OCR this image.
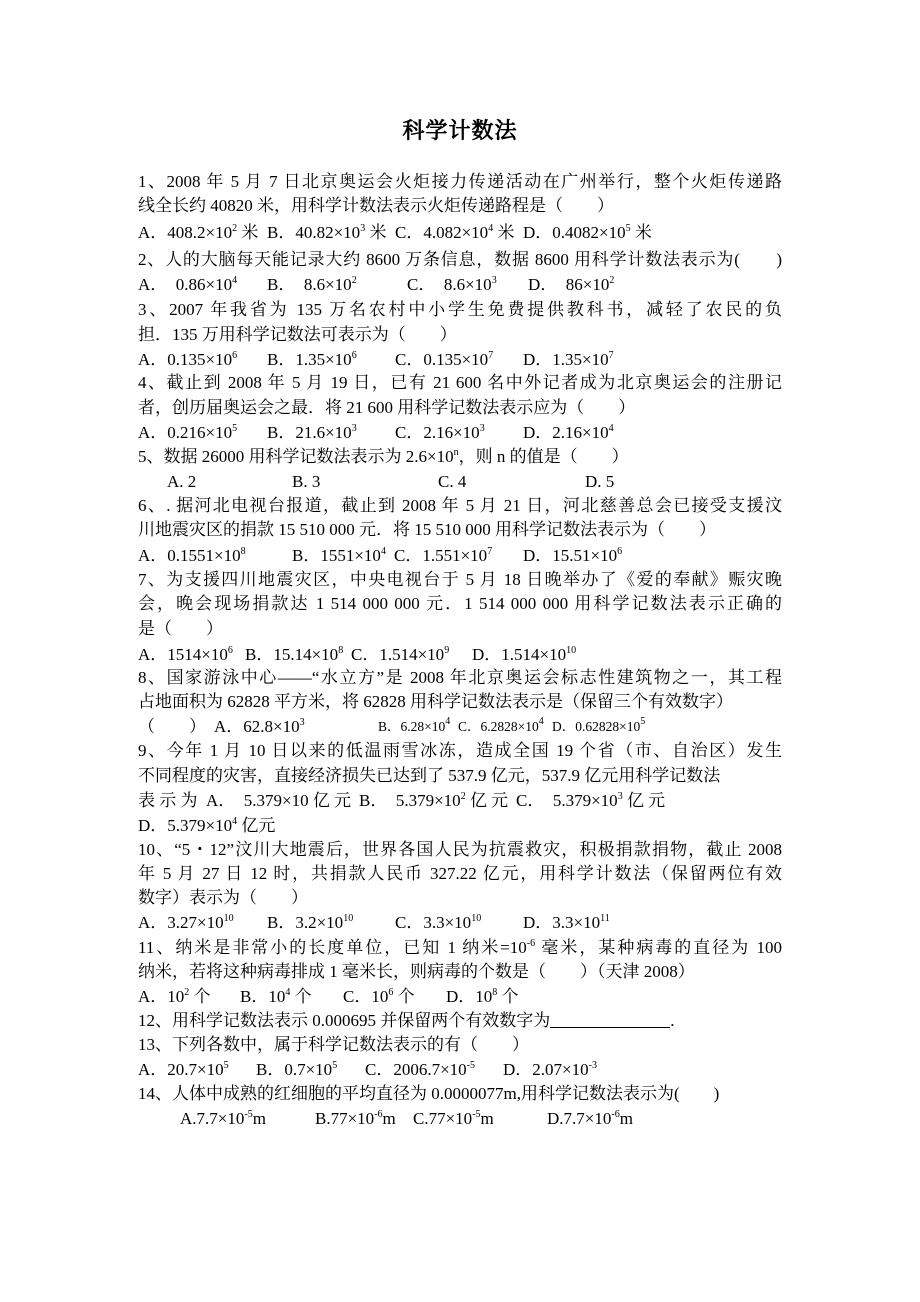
科学计数法
1、2008 年 5 月 7 日北京奥运会火炬接力传递活动在广州举行，整个火炬传递路
线全长约 40820 米，用科学计数法表示火炬传递路程是（　　）
A．$408.2\times 10^2$ 米 B．$40.82\times 10^3$ 米 C．$4.082\times 10^4$ 米 D．$0.4082\times 10^5$ 米
2、人的大脑每天能记录大约 8600 万条信息，数据 8600 用科学计数法表示为(　　)
A．　$0.86\times 10^4$ B．　$8.6\times 10^2$	C．　$8.6\times 10^3$ D．　$86\times 10^2$
3、2007 年我省为 135 万名农村中小学生免费提供教科书，减轻了农民的负
担．135 万用科学记数法可表示为（　　）
A．$0.135\times 10^6$ B．$1.35\times 10^6$ C．$0.135\times 10^7$ D．$1.35\times 10^7$
4、截止到 2008 年 5 月 19 日，已有 21 600 名中外记者成为北京奥运会的注册记
者，创历届奥运会之最．将 21 600 用科学记数法表示应为（　　）
A．$0.216\times 10^5$ B．$21.6\times 10^3$ C．$2.16\times 10^3$ D．$2.16\times 10^4$
5、数据 26000 用科学记数法表示为 $2.6\times 10^n$，则 n 的值是（　　）
A. 2	B. 3	C. 4	D. 5
6、. 据河北电视台报道，截止到 2008 年 5 月 21 日，河北慈善总会已接受支援汶
川地震灾区的捐款 15 510 000 元．将 15 510 000 用科学记数法表示为（　　）
A．$0.1551\times 10^8$	B．$1551\times 10^4$ C．$1.551\times 10^7$ D．$15.51\times 10^6$
7、为支援四川地震灾区，中央电视台于 5 月 18 日晚举办了《爱的奉献》赈灾晚
会，晚会现场捐款达 1 514 000 000 元．1 514 000 000 用科学记数法表示正确的
是（　　）
A．$1514\times 10^6$ B．$15.14\times 10^8$ C．$1.514\times 10^9$ D．$1.514\times 10^{10}$
8、国家游泳中心——“水立方”是 2008 年北京奥运会标志性建筑物之一，其工程
占地面积为 62828 平方米，将 62828 用科学记数法表示是（保留三个有效数字）
（　　） A．$62.8\times 10^3$	B．$6.28\times 10^4$ C．$6.2828\times 10^4$ D．$0.62828\times 10^5$
9、今年 1 月 10 日以来的低温雨雪冰冻，造成全国 19 个省（市、自治区）发生
不同程度的灾害，直接经济损失已达到了 537.9 亿元，537.9 亿元用科学记数法
表 示 为 A．　5.379×10 亿 元 B．　$5.379\times 10^2$ 亿 元 C．　$5.379\times 10^3$ 亿 元
D．$5.379\times 10^4$ 亿元
10、“5・12”汶川大地震后，世界各国人民为抗震救灾，积极捐款捐物，截止 2008
年 5 月 27 日 12 时，共捐款人民币 327.22 亿元，用科学计数法（保留两位有效
数字）表示为（　　）
A．$3.27\times 10^{10}$ B．$3.2\times 10^{10}$ C．$3.3\times 10^{10}$ D．$3.3\times 10^{11}$
11、纳米是非常小的长度单位，已知 1 纳米$=10^{-6}$ 毫米，某种病毒的直径为 100
纳米，若将这种病毒排成 1 毫米长，则病毒的个数是（　　）（天津 2008）
A．$10^2$ 个 B．$10^4$ 个 C．$10^6$ 个 D．$10^8$ 个
12、用科学记数法表示 0.000695 并保留两个有效数字为	.
13、下列各数中，属于科学记数法表示的有（　　）
A．$20.7\times 10^5$ B．$0.7\times 10^5$ C．$2006.7\times 10^{-5}$ D．$2.07\times 10^{-3}$
14、人体中成熟的红细胞的平均直径为 0.0000077m,用科学记数法表示为(　　)
$A.7.7\times 10^{-5}m$	$B.77\times 10^{-6}m$ $C.77\times 10^{-5}m$	$D.7.7\times 10^{-6}m$
